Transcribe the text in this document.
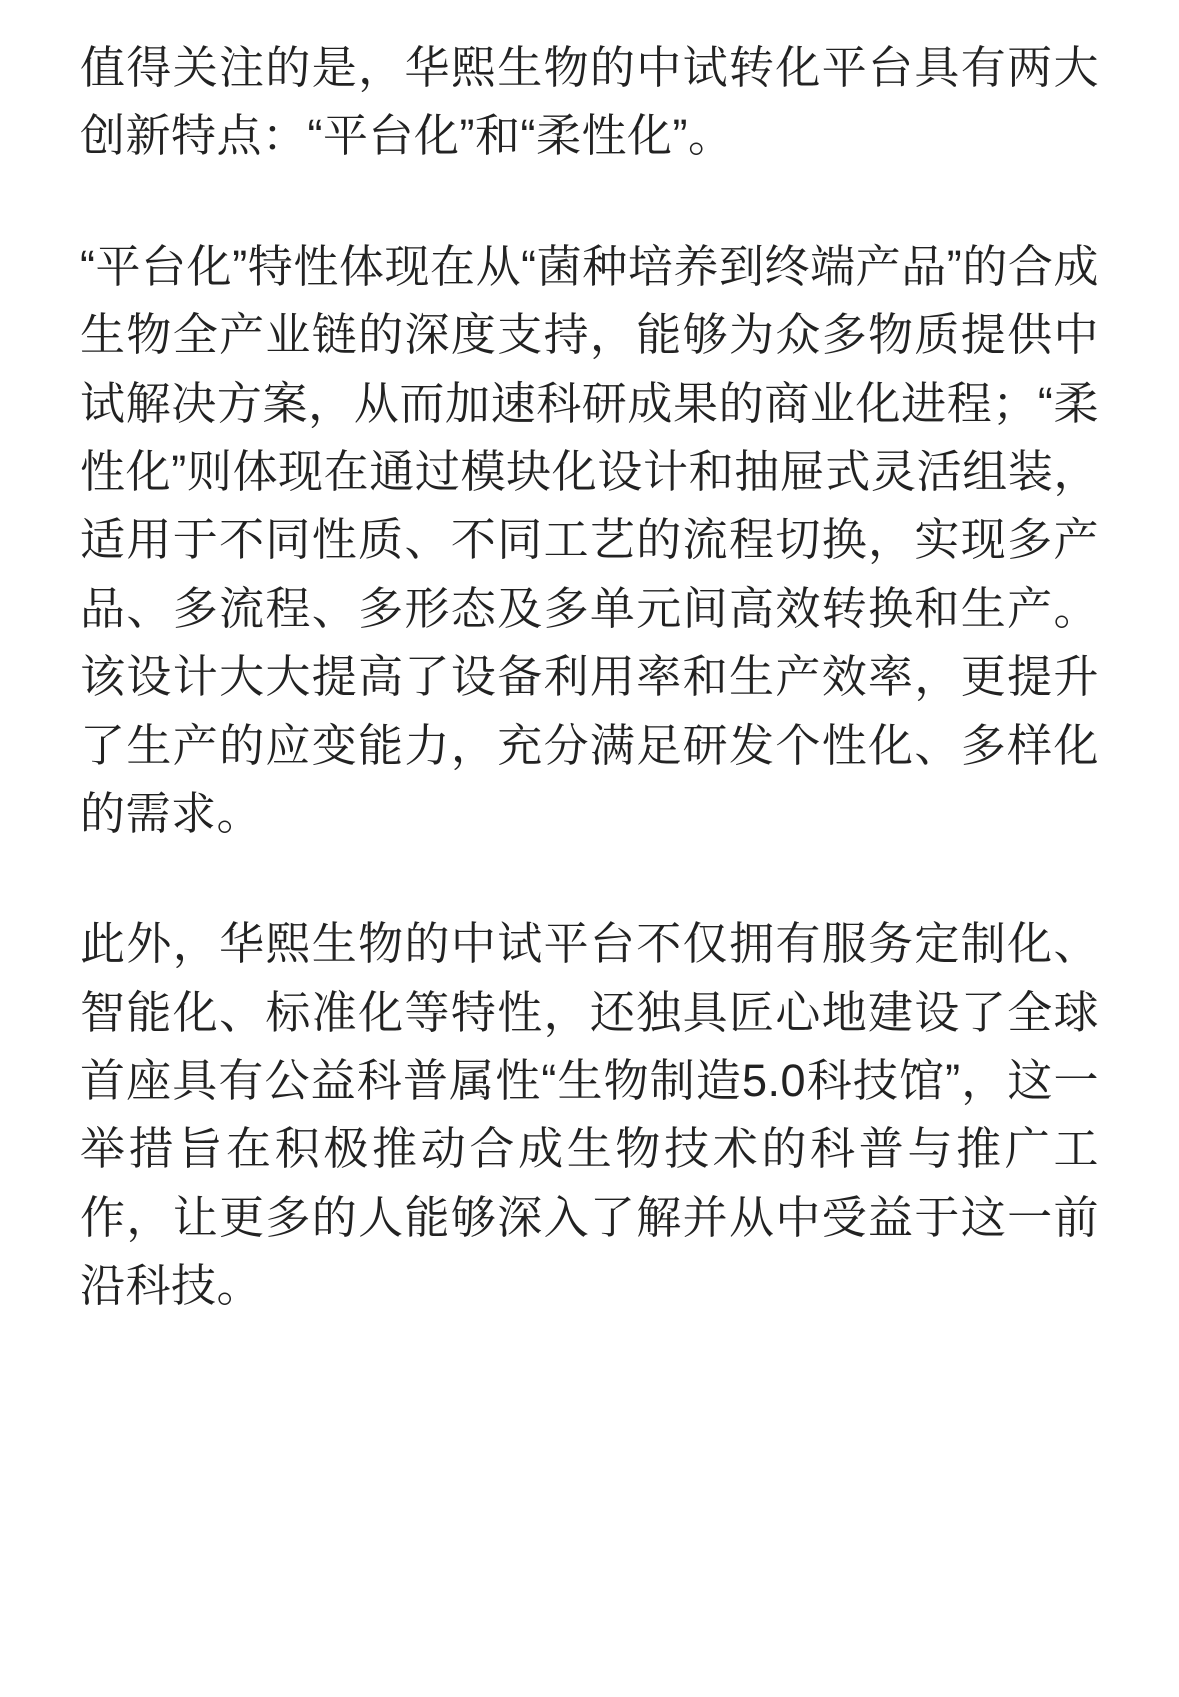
值得关注的是，华熙生物的中试转化平台具有两大创新特点：“平台化”和“柔性化”。

“平台化”特性体现在从“菌种培养到终端产品”的合成生物全产业链的深度支持，能够为众多物质提供中试解决方案，从而加速科研成果的商业化进程；“柔性化”则体现在通过模块化设计和抽屉式灵活组装，适用于不同性质、不同工艺的流程切换，实现多产品、多流程、多形态及多单元间高效转换和生产。该设计大大提高了设备利用率和生产效率，更提升了生产的应变能力，充分满足研发个性化、多样化的需求。

此外，华熙生物的中试平台不仅拥有服务定制化、智能化、标准化等特性，还独具匠心地建设了全球首座具有公益科普属性“生物制造5.0科技馆”，这一举措旨在积极推动合成生物技术的科普与推广工作，让更多的人能够深入了解并从中受益于这一前沿科技。
